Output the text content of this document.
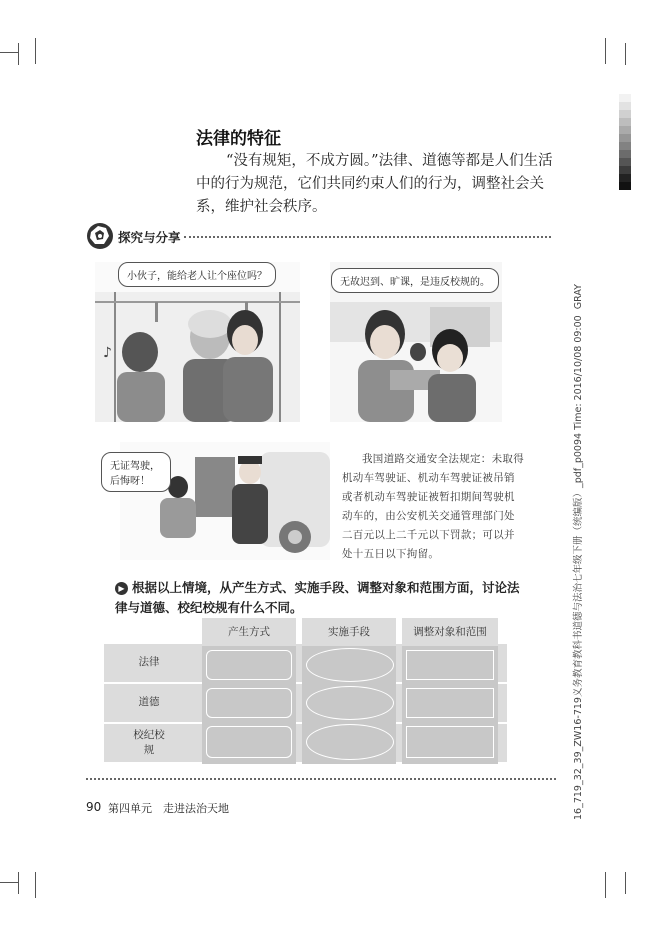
16_719_32_39_ZW16-719义务教育教科书道德与法治七年级下册（统编版）_pdf_p0094 Time: 2016/10/08 09:00  GRAY
法律的特征
“没有规矩，不成方圆。”法律、道德等都是人们生活中的行为规范，它们共同约束人们的行为，调整社会关系，维护社会秩序。
探究与分享
♪
小伙子，能给老人让个座位吗？
无故迟到、旷课，是违反校规的。
无证驾驶，后悔呀！
我国道路交通安全法规定：未取得机动车驾驶证、机动车驾驶证被吊销或者机动车驾驶证被暂扣期间驾驶机动车的，由公安机关交通管理部门处二百元以上二千元以下罚款；可以并处十五日以下拘留。
▶ 根据以上情境，从产生方式、实施手段、调整对象和范围方面，讨论法律与道德、校纪校规有什么不同。
产生方式	实施手段	调整对象和范围
法律
道德
校纪校规
90 第四单元　走进法治天地
